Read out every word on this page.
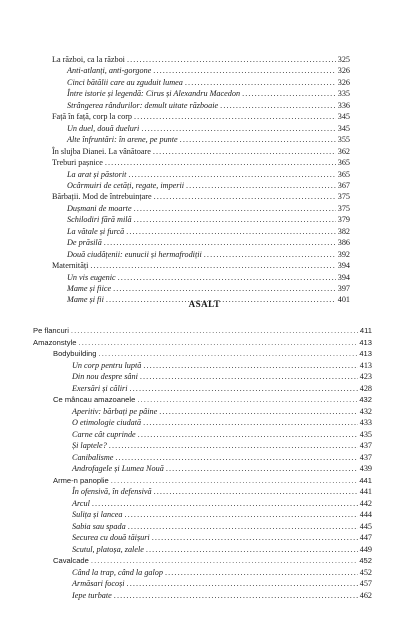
La război, ca la război .....	325
Anti-atlanți, anti-gorgone .....	326
Cinci bătălii care au zguduit lumea .....	326
Între istorie și legendă: Cirus și Alexandru Macedon .....	335
Strângerea rândurilor: demult uitate războaie .....	336
Față în față, corp la corp .....	345
Un duel, două dueluri .....	345
Alte înfruntări: în arene, pe punte .....	355
În slujba Dianei. La vânătoare .....	362
Treburi pașnice .....	365
La arat și păstorit .....	365
Ocârmuiri de cetăți, regate, imperii .....	367
Bărbații. Mod de întrebuințare .....	375
Dușmani de moarte .....	375
Schilodiri fără milă .....	379
La vătale și furcă .....	382
De prăsilă .....	386
Două ciudățenii: eunucii și hermafrodiții .....	392
Maternități .....	394
Un vis eugenic .....	394
Mame și fiice .....	397
Mame și fii .....	401
ASALT
Pe flancuri .....	411
Amazonstyle .....	413
Bodybuilding .....	413
Un corp pentru luptă .....	413
Din nou despre sâni .....	423
Exersări și căliri .....	428
Ce mâncau amazoanele .....	432
Aperitiv: bărbați pe pâine .....	432
O etimologie ciudată .....	433
Carne cât cuprinde .....	435
Și laptele? .....	437
Canibalisme .....	437
Androfagele și Lumea Nouă .....	439
Arme-n panoplie .....	441
În ofensivă, în defensivă .....	441
Arcul .....	442
Sulița și lancea .....	444
Sabia sau spada .....	445
Securea cu două tăișuri .....	447
Scutul, platoșa, zalele .....	449
Cavalcade .....	452
Când la trap, când la galop .....	452
Armăsari focoși .....	457
Iepe turbate .....	462
